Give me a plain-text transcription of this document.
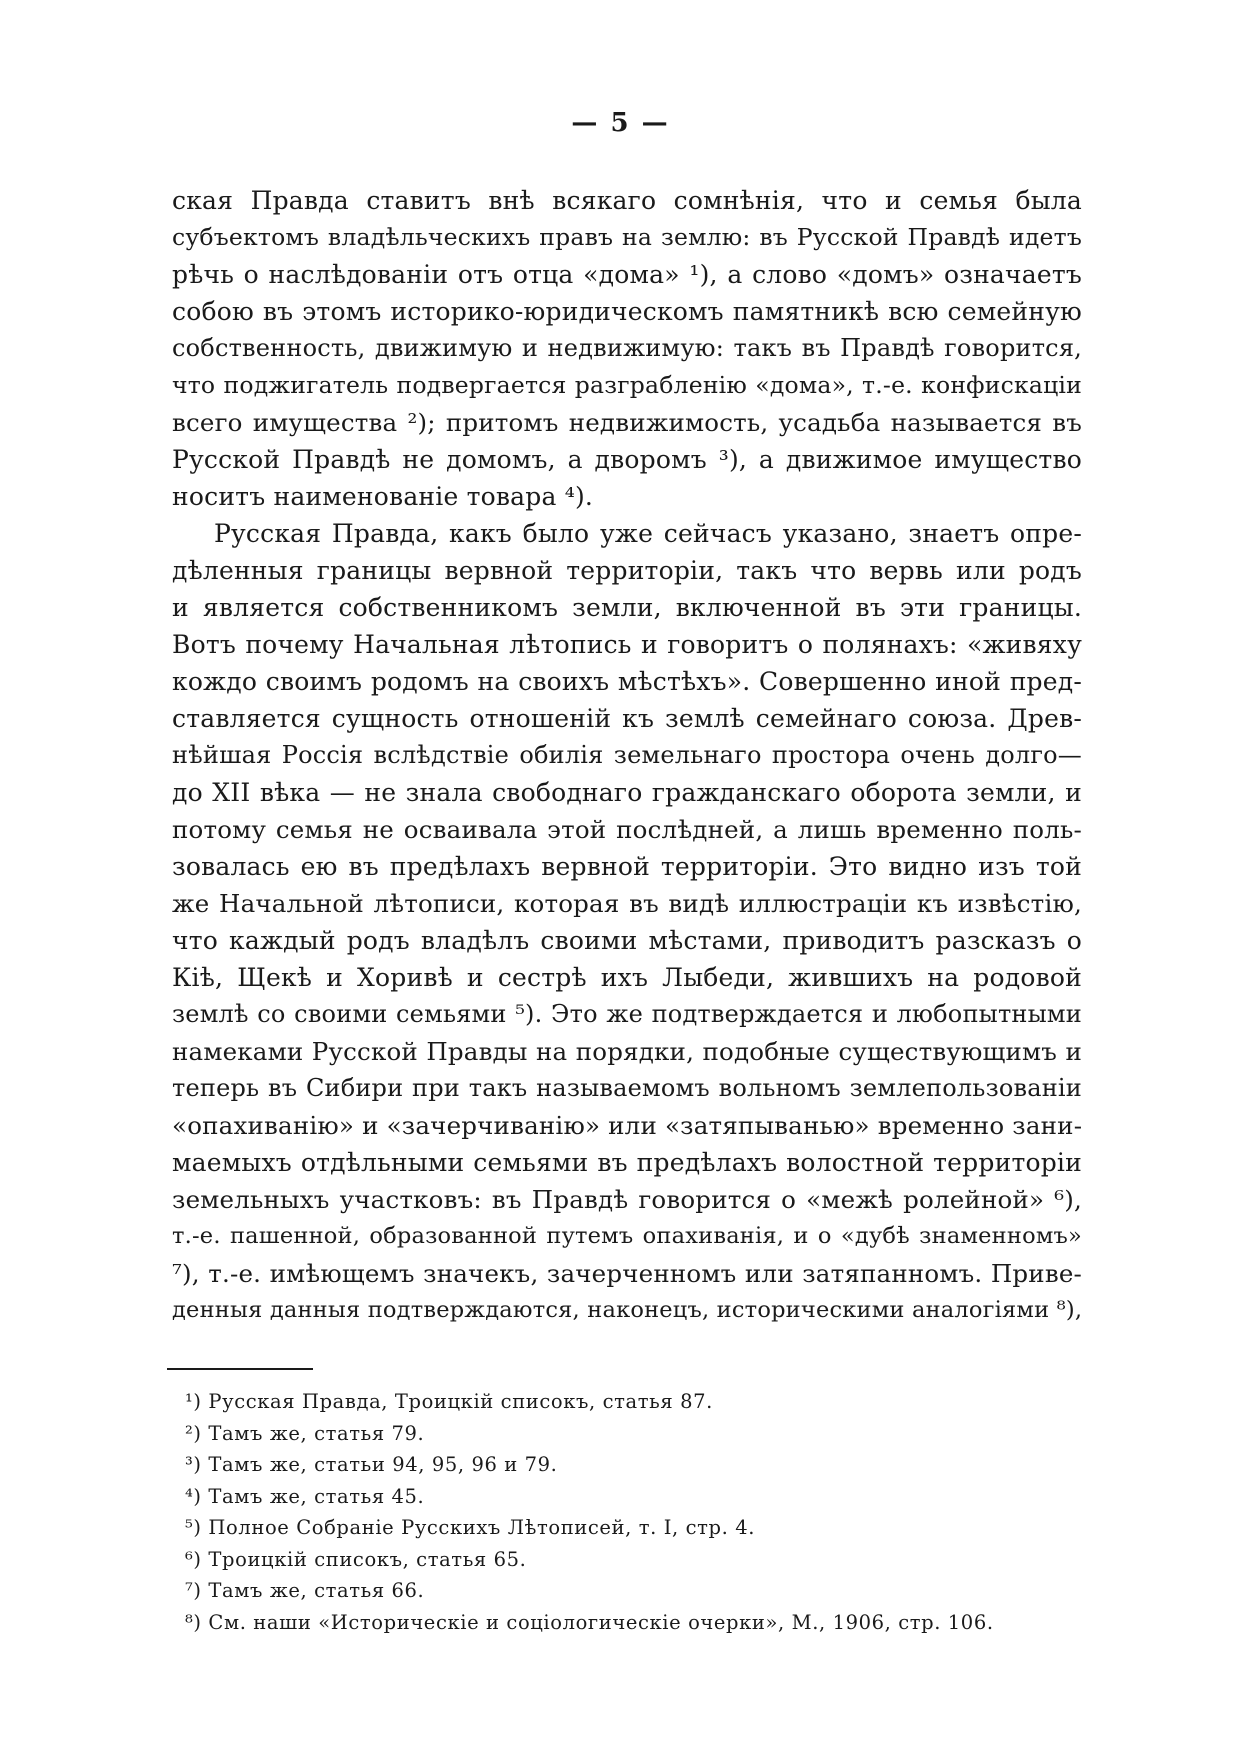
— 5 —
ская Правда ставитъ внѣ всякаго сомнѣнія, что и семья была
субъектомъ владѣльческихъ правъ на землю: въ Русской Правдѣ идетъ
рѣчь о наслѣдованіи отъ отца «дома» ¹), а слово «домъ» означаетъ
собою въ этомъ историко-юридическомъ памятникѣ всю семейную
собственность, движимую и недвижимую: такъ въ Правдѣ говорится,
что поджигатель подвергается разграбленію «дома», т.-е. конфискаціи
всего имущества ²); притомъ недвижимость, усадьба называется въ
Русской Правдѣ не домомъ, а дворомъ ³), а движимое имущество
носитъ наименованіе товара ⁴).
Русская Правда, какъ было уже сейчасъ указано, знаетъ опре-
дѣленныя границы вервной территоріи, такъ что вервь или родъ
и является собственникомъ земли, включенной въ эти границы.
Вотъ почему Начальная лѣтопись и говоритъ о полянахъ: «живяху
кождо своимъ родомъ на своихъ мѣстѣхъ». Совершенно иной пред-
ставляется сущность отношеній къ землѣ семейнаго союза. Древ-
нѣйшая Россія вслѣдствіе обилія земельнаго простора очень долго—
до XII вѣка — не знала свободнаго гражданскаго оборота земли, и
потому семья не осваивала этой послѣдней, а лишь временно поль-
зовалась ею въ предѣлахъ вервной территоріи. Это видно изъ той
же Начальной лѣтописи, которая въ видѣ иллюстраціи къ извѣстію,
что каждый родъ владѣлъ своими мѣстами, приводитъ разсказъ о
Кіѣ, Щекѣ и Хоривѣ и сестрѣ ихъ Лыбеди, жившихъ на родовой
землѣ со своими семьями ⁵). Это же подтверждается и любопытными
намеками Русской Правды на порядки, подобные существующимъ и
теперь въ Сибири при такъ называемомъ вольномъ землепользованіи
«опахиванію» и «зачерчиванію» или «затяпыванью» временно зани-
маемыхъ отдѣльными семьями въ предѣлахъ волостной территоріи
земельныхъ участковъ: въ Правдѣ говорится о «межѣ ролейной» ⁶),
т.-е. пашенной, образованной путемъ опахиванія, и о «дубѣ знаменномъ»
⁷), т.-е. имѣющемъ значекъ, зачерченномъ или затяпанномъ. Приве-
денныя данныя подтверждаются, наконецъ, историческими аналогіями ⁸),
¹) Русская Правда, Троицкій списокъ, статья 87.
²) Тамъ же, статья 79.
³) Тамъ же, статьи 94, 95, 96 и 79.
⁴) Тамъ же, статья 45.
⁵) Полное Собраніе Русскихъ Лѣтописей, т. I, стр. 4.
⁶) Троицкій списокъ, статья 65.
⁷) Тамъ же, статья 66.
⁸) См. наши «Историческіе и соціологическіе очерки», М., 1906, стр. 106.
